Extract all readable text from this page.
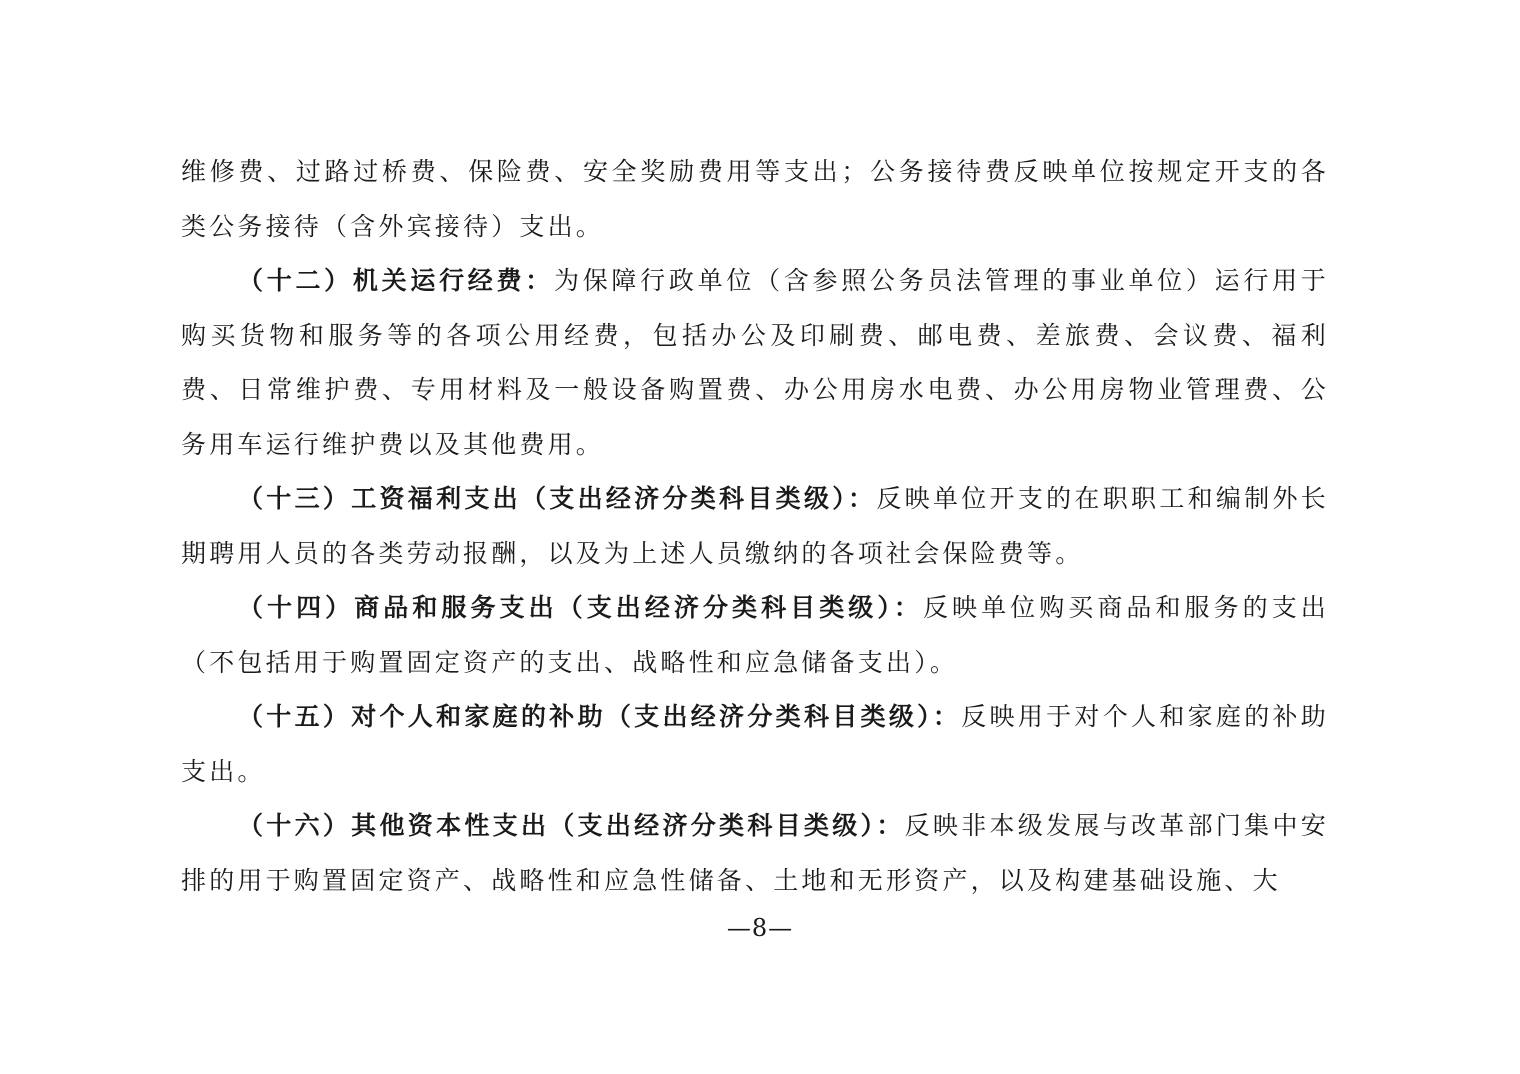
维修费、过路过桥费、保险费、安全奖励费用等支出；公务接待费反映单位按规定开支的各类公务接待（含外宾接待）支出。

（十二）机关运行经费：为保障行政单位（含参照公务员法管理的事业单位）运行用于购买货物和服务等的各项公用经费，包括办公及印刷费、邮电费、差旅费、会议费、福利费、日常维护费、专用材料及一般设备购置费、办公用房水电费、办公用房物业管理费、公务用车运行维护费以及其他费用。

（十三）工资福利支出（支出经济分类科目类级）：反映单位开支的在职职工和编制外长期聘用人员的各类劳动报酬，以及为上述人员缴纳的各项社会保险费等。

（十四）商品和服务支出（支出经济分类科目类级）：反映单位购买商品和服务的支出（不包括用于购置固定资产的支出、战略性和应急储备支出）。

（十五）对个人和家庭的补助（支出经济分类科目类级）：反映用于对个人和家庭的补助支出。

（十六）其他资本性支出（支出经济分类科目类级）：反映非本级发展与改革部门集中安排的用于购置固定资产、战略性和应急性储备、土地和无形资产，以及构建基础设施、大

—8—
